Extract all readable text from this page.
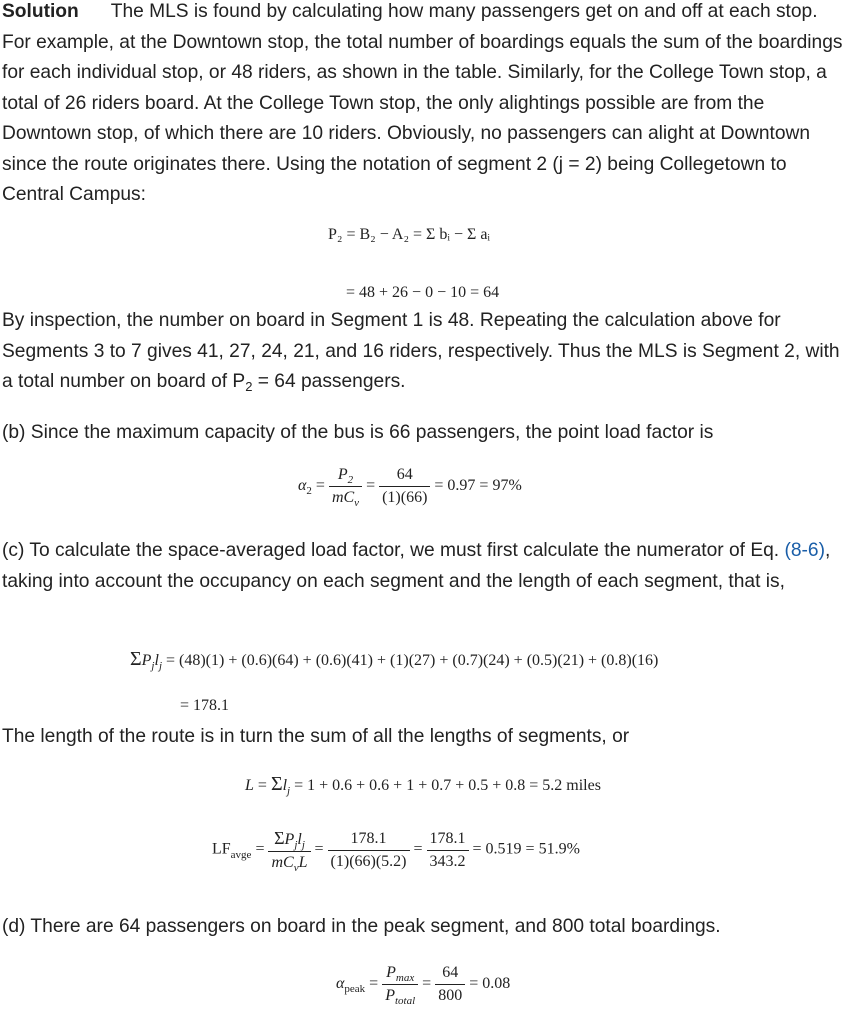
Solution The MLS is found by calculating how many passengers get on and off at each stop. For example, at the Downtown stop, the total number of boardings equals the sum of the boardings for each individual stop, or 48 riders, as shown in the table. Similarly, for the College Town stop, a total of 26 riders board. At the College Town stop, the only alightings possible are from the Downtown stop, of which there are 10 riders. Obviously, no passengers can alight at Downtown since the route originates there. Using the notation of segment 2 (j = 2) being Collegetown to Central Campus:
P₂ = B₂ − A₂ = Σ bᵢ − Σ aᵢ
= 48 + 26 − 0 − 10 = 64
By inspection, the number on board in Segment 1 is 48. Repeating the calculation above for Segments 3 to 7 gives 41, 27, 24, 21, and 16 riders, respectively. Thus the MLS is Segment 2, with a total number on board of $P_2 = 64$ passengers.
(b) Since the maximum capacity of the bus is 66 passengers, the point load factor is
$\alpha_2 = \frac{P_2}{mC_v} = \frac{64}{(1)(66)} = 0.97 = 97\%$
(c) To calculate the space-averaged load factor, we must first calculate the numerator of Eq. (8-6), taking into account the occupancy on each segment and the length of each segment, that is,
$\Sigma P_jl_j = (48)(1) + (0.6)(64) + (0.6)(41) + (1)(27) + (0.7)(24) + (0.5)(21) + (0.8)(16)$
= 178.1
The length of the route is in turn the sum of all the lengths of segments, or
$L = \Sigma l_j = 1 + 0.6 + 0.6 + 1 + 0.7 + 0.5 + 0.8 = 5.2$ miles
$LF_{avge} = \frac{\Sigma P_jl_j}{mC_vL} = \frac{178.1}{(1)(66)(5.2)} = \frac{178.1}{343.2} = 0.519 = 51.9\%$
(d) There are 64 passengers on board in the peak segment, and 800 total boardings.
$\alpha_{peak} = \frac{P_{max}}{P_{total}} = \frac{64}{800} = 0.08$
